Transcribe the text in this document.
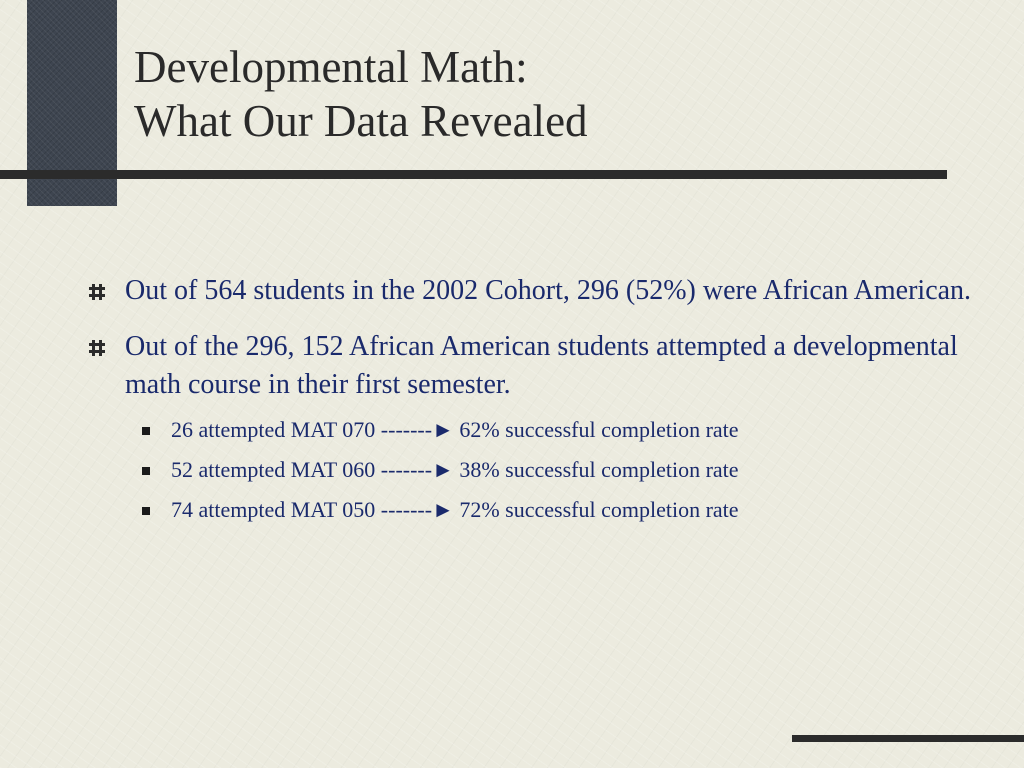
Developmental Math:
What Our Data Revealed
Out of 564 students in the 2002 Cohort, 296 (52%) were African American.
Out of the 296, 152 African American students attempted a developmental math course in their first semester.
26 attempted MAT 070 -------► 62% successful completion rate
52 attempted MAT 060 -------► 38% successful completion rate
74 attempted MAT 050 -------► 72% successful completion rate
